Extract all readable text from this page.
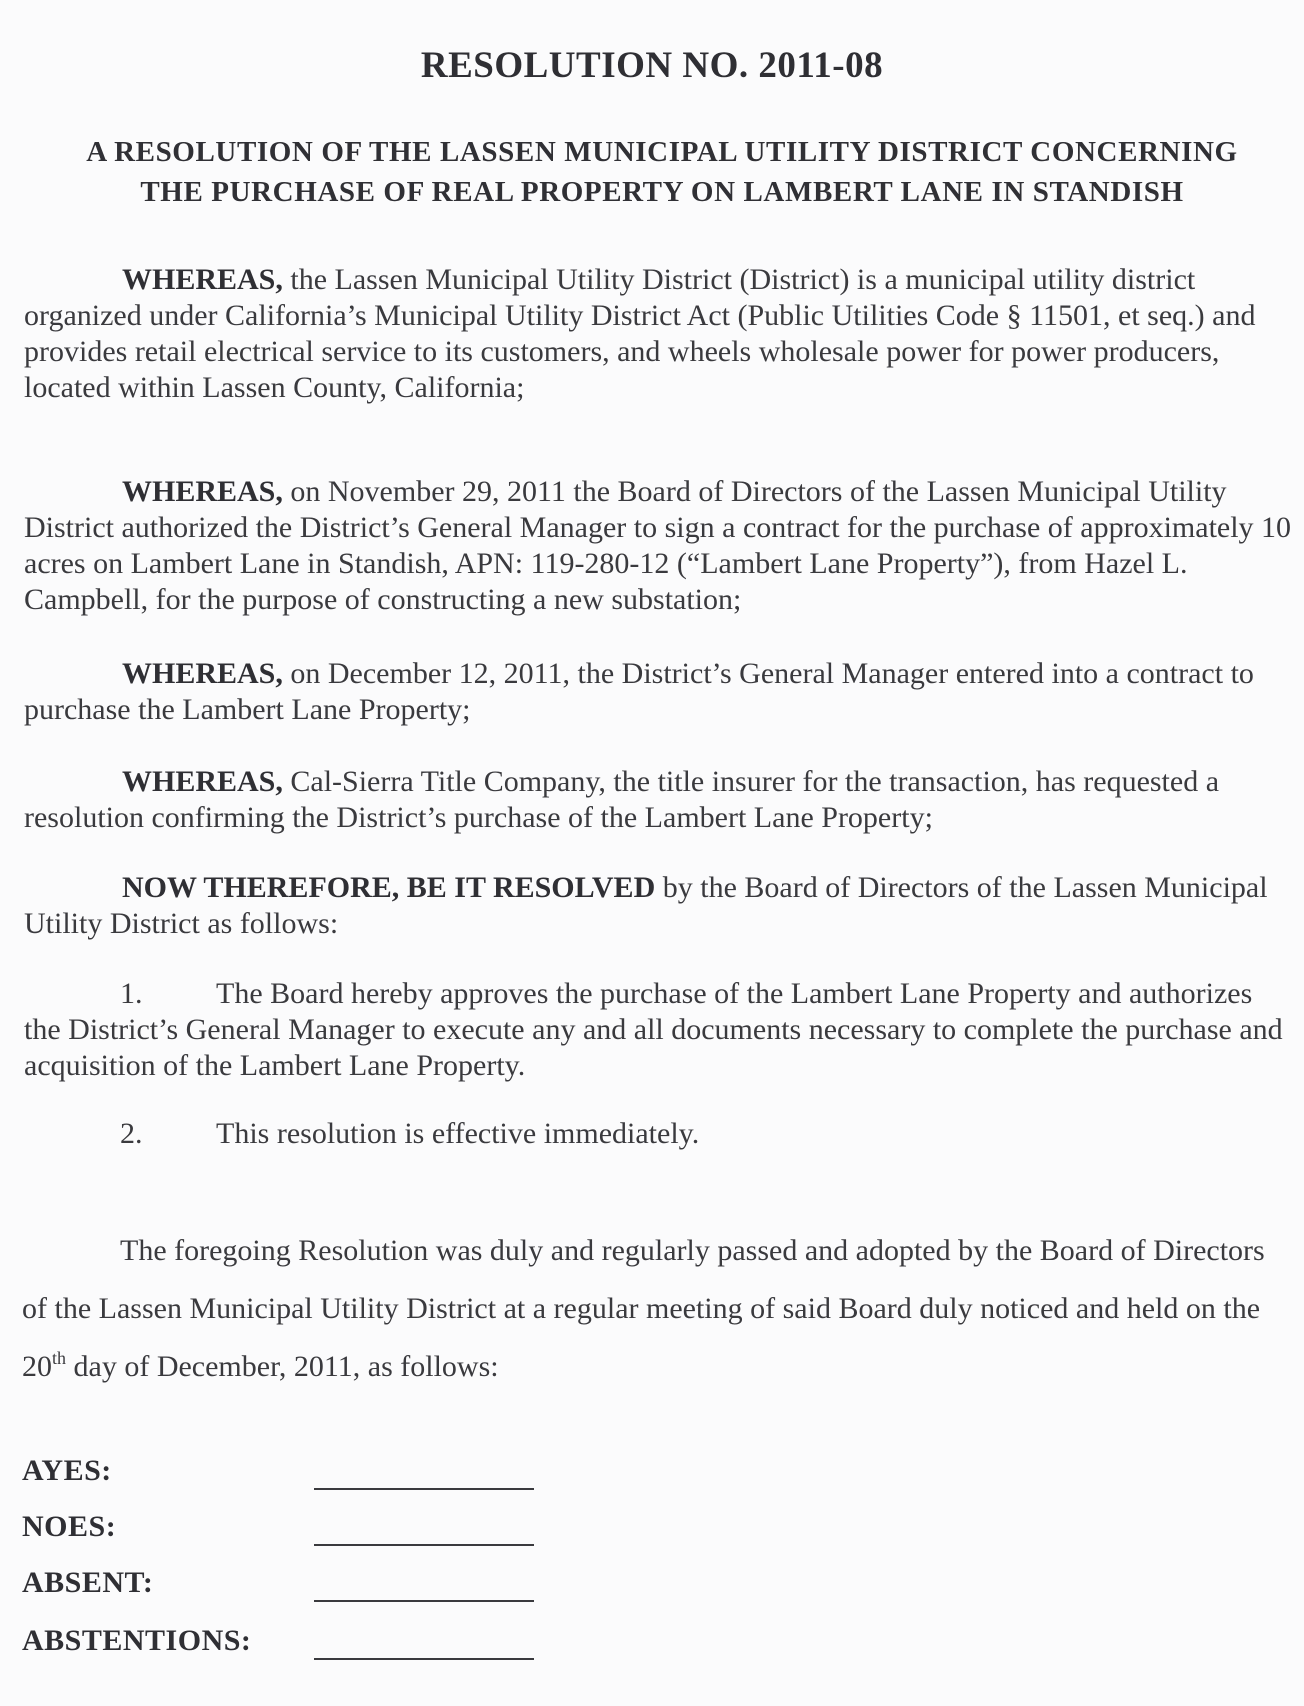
RESOLUTION NO. 2011-08
A RESOLUTION OF THE LASSEN MUNICIPAL UTILITY DISTRICT CONCERNING
THE PURCHASE OF REAL PROPERTY ON LAMBERT LANE IN STANDISH

WHEREAS, the Lassen Municipal Utility District (District) is a municipal utility district organized under California’s Municipal Utility District Act (Public Utilities Code § 11501, et seq.) and provides retail electrical service to its customers, and wheels wholesale power for power producers, located within Lassen County, California;

WHEREAS, on November 29, 2011 the Board of Directors of the Lassen Municipal Utility District authorized the District’s General Manager to sign a contract for the purchase of approximately 10 acres on Lambert Lane in Standish, APN: 119-280-12 (“Lambert Lane Property”), from Hazel L. Campbell, for the purpose of constructing a new substation;

WHEREAS, on December 12, 2011, the District’s General Manager entered into a contract to purchase the Lambert Lane Property;

WHEREAS, Cal-Sierra Title Company, the title insurer for the transaction, has requested a resolution confirming the District’s purchase of the Lambert Lane Property;

NOW THEREFORE, BE IT RESOLVED by the Board of Directors of the Lassen Municipal Utility District as follows:

1. The Board hereby approves the purchase of the Lambert Lane Property and authorizes the District’s General Manager to execute any and all documents necessary to complete the purchase and acquisition of the Lambert Lane Property.

2. This resolution is effective immediately.

The foregoing Resolution was duly and regularly passed and adopted by the Board of Directors of the Lassen Municipal Utility District at a regular meeting of said Board duly noticed and held on the 20th day of December, 2011, as follows:

AYES:
NOES:
ABSENT:
ABSTENTIONS:
